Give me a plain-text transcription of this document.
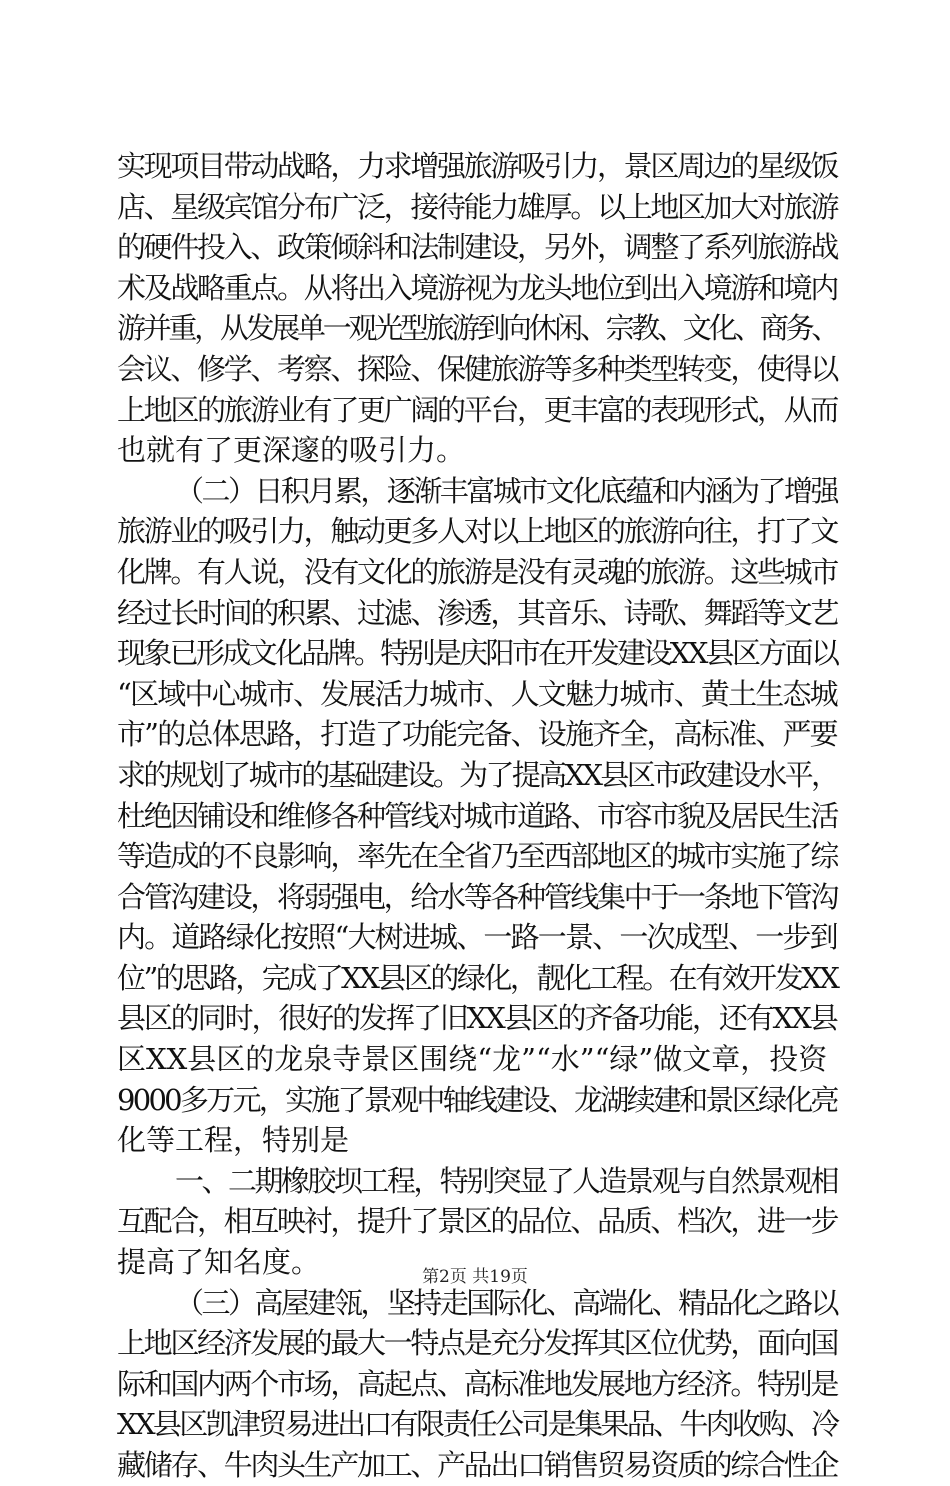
实现项目带动战略，力求增强旅游吸引力，景区周边的星级饭
店、星级宾馆分布广泛，接待能力雄厚。以上地区加大对旅游
的硬件投入、政策倾斜和法制建设，另外，调整了系列旅游战
术及战略重点。从将出入境游视为龙头地位到出入境游和境内
游并重，从发展单一观光型旅游到向休闲、宗教、文化、商务、
会议、修学、考察、探险、保健旅游等多种类型转变，使得以
上地区的旅游业有了更广阔的平台，更丰富的表现形式，从而
也就有了更深邃的吸引力。
（二）日积月累，逐渐丰富城市文化底蕴和内涵为了增强
旅游业的吸引力，触动更多人对以上地区的旅游向往，打了文
化牌。有人说，没有文化的旅游是没有灵魂的旅游。这些城市
经过长时间的积累、过滤、渗透，其音乐、诗歌、舞蹈等文艺
现象已形成文化品牌。特别是庆阳市在开发建设XX县区方面以
“区域中心城市、发展活力城市、人文魅力城市、黄土生态城
市”的总体思路，打造了功能完备、设施齐全，高标准、严要
求的规划了城市的基础建设。为了提高XX县区市政建设水平，
杜绝因铺设和维修各种管线对城市道路、市容市貌及居民生活
等造成的不良影响，率先在全省乃至西部地区的城市实施了综
合管沟建设，将弱强电，给水等各种管线集中于一条地下管沟
内。道路绿化按照“大树进城、一路一景、一次成型、一步到
位”的思路，完成了XX县区的绿化，靓化工程。在有效开发XX
县区的同时，很好的发挥了旧XX县区的齐备功能，还有XX县
区XX县区的龙泉寺景区围绕“龙”“水”“绿”做文章，投资
9000多万元，实施了景观中轴线建设、龙湖续建和景区绿化亮
化等工程，特别是
一、二期橡胶坝工程，特别突显了人造景观与自然景观相
互配合，相互映衬，提升了景区的品位、品质、档次，进一步
提高了知名度。
（三）高屋建瓴，坚持走国际化、高端化、精品化之路以
上地区经济发展的最大一特点是充分发挥其区位优势，面向国
际和国内两个市场，高起点、高标准地发展地方经济。特别是
XX县区凯津贸易进出口有限责任公司是集果品、牛肉收购、冷
藏储存、牛肉头生产加工、产品出口销售贸易资质的综合性企
第2页 共19页
